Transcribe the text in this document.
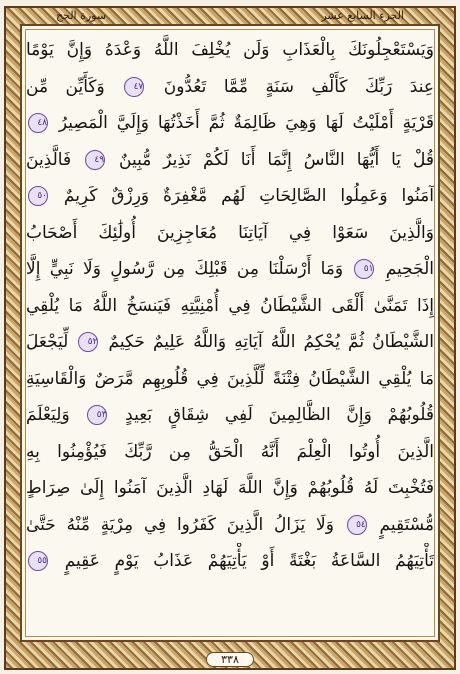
الجزء السابع عشر
سورة الحج
وَيَسْتَعْجِلُونَكَ بِالْعَذَابِ وَلَن يُخْلِفَ اللَّهُ وَعْدَهُ وَإِنَّ يَوْمًا
عِندَ رَبِّكَ كَأَلْفِ سَنَةٍ مِّمَّا تَعُدُّونَ ٤٧ وَكَأَيِّن مِّن
قَرْيَةٍ أَمْلَيْتُ لَهَا وَهِيَ ظَالِمَةٌ ثُمَّ أَخَذْتُهَا وَإِلَيَّ الْمَصِيرُ ٤٨
قُلْ يَا أَيُّهَا النَّاسُ إِنَّمَا أَنَا لَكُمْ نَذِيرٌ مُّبِينٌ ٤٩ فَالَّذِينَ
آمَنُوا وَعَمِلُوا الصَّالِحَاتِ لَهُم مَّغْفِرَةٌ وَرِزْقٌ كَرِيمٌ ٥٠
وَالَّذِينَ سَعَوْا فِي آيَاتِنَا مُعَاجِزِينَ أُولَٰئِكَ أَصْحَابُ
الْجَحِيمِ ٥١ وَمَا أَرْسَلْنَا مِن قَبْلِكَ مِن رَّسُولٍ وَلَا نَبِيٍّ إِلَّا
إِذَا تَمَنَّىٰ أَلْقَى الشَّيْطَانُ فِي أُمْنِيَّتِهِ فَيَنسَخُ اللَّهُ مَا يُلْقِي
الشَّيْطَانُ ثُمَّ يُحْكِمُ اللَّهُ آيَاتِهِ وَاللَّهُ عَلِيمٌ حَكِيمٌ ٥٢ لِّيَجْعَلَ
مَا يُلْقِي الشَّيْطَانُ فِتْنَةً لِّلَّذِينَ فِي قُلُوبِهِم مَّرَضٌ وَالْقَاسِيَةِ
قُلُوبُهُمْ وَإِنَّ الظَّالِمِينَ لَفِي شِقَاقٍ بَعِيدٍ ٥٣ وَلِيَعْلَمَ
الَّذِينَ أُوتُوا الْعِلْمَ أَنَّهُ الْحَقُّ مِن رَّبِّكَ فَيُؤْمِنُوا بِهِ
فَتُخْبِتَ لَهُ قُلُوبُهُمْ وَإِنَّ اللَّهَ لَهَادِ الَّذِينَ آمَنُوا إِلَىٰ صِرَاطٍ
مُّسْتَقِيمٍ ٥٤ وَلَا يَزَالُ الَّذِينَ كَفَرُوا فِي مِرْيَةٍ مِّنْهُ حَتَّىٰ
تَأْتِيَهُمُ السَّاعَةُ بَغْتَةً أَوْ يَأْتِيَهُمْ عَذَابُ يَوْمٍ عَقِيمٍ ٥٥
٣٣٨
